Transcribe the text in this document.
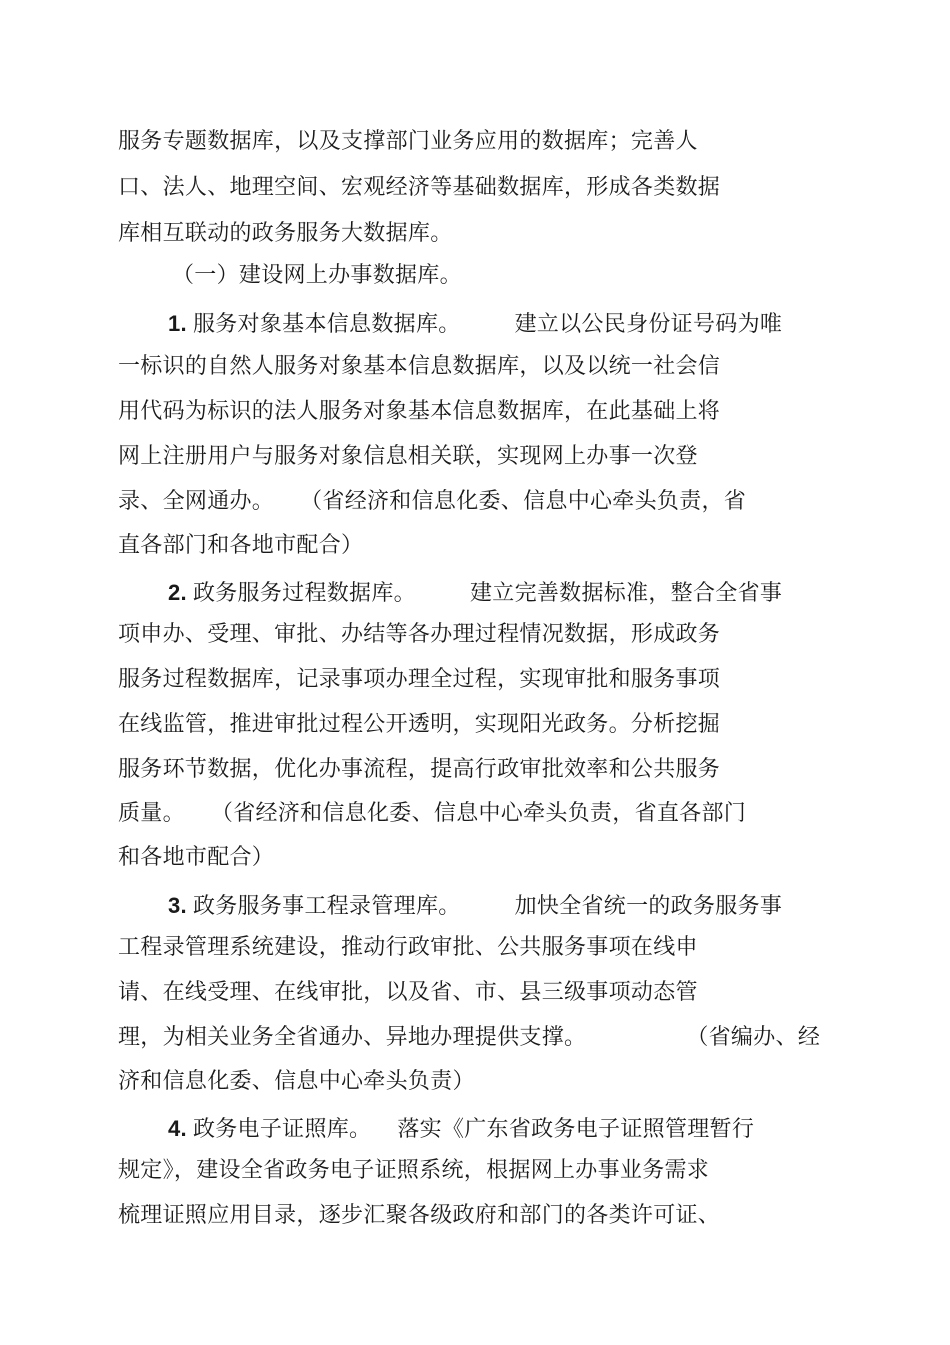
服务专题数据库，以及支撑部门业务应用的数据库；完善人
口、法人、地理空间、宏观经济等基础数据库，形成各类数据
库相互联动的政务服务大数据库。
（一）建设网上办事数据库。
1. 服务对象基本信息数据库。 建立以公民身份证号码为唯
一标识的自然人服务对象基本信息数据库，以及以统一社会信
用代码为标识的法人服务对象基本信息数据库，在此基础上将
网上注册用户与服务对象信息相关联，实现网上办事一次登
录、全网通办。 （省经济和信息化委、信息中心牵头负责，省
直各部门和各地市配合）
2. 政务服务过程数据库。 建立完善数据标准，整合全省事
项申办、受理、审批、办结等各办理过程情况数据，形成政务
服务过程数据库，记录事项办理全过程，实现审批和服务事项
在线监管，推进审批过程公开透明，实现阳光政务。分析挖掘
服务环节数据，优化办事流程，提高行政审批效率和公共服务
质量。 （省经济和信息化委、信息中心牵头负责，省直各部门
和各地市配合）
3. 政务服务事工程录管理库。 加快全省统一的政务服务事
工程录管理系统建设，推动行政审批、公共服务事项在线申
请、在线受理、在线审批，以及省、市、县三级事项动态管
理，为相关业务全省通办、异地办理提供支撑。	（省编办、经
济和信息化委、信息中心牵头负责）
4. 政务电子证照库。 落实《广东省政务电子证照管理暂行
规定》，建设全省政务电子证照系统，根据网上办事业务需求
梳理证照应用目录，逐步汇聚各级政府和部门的各类许可证、
